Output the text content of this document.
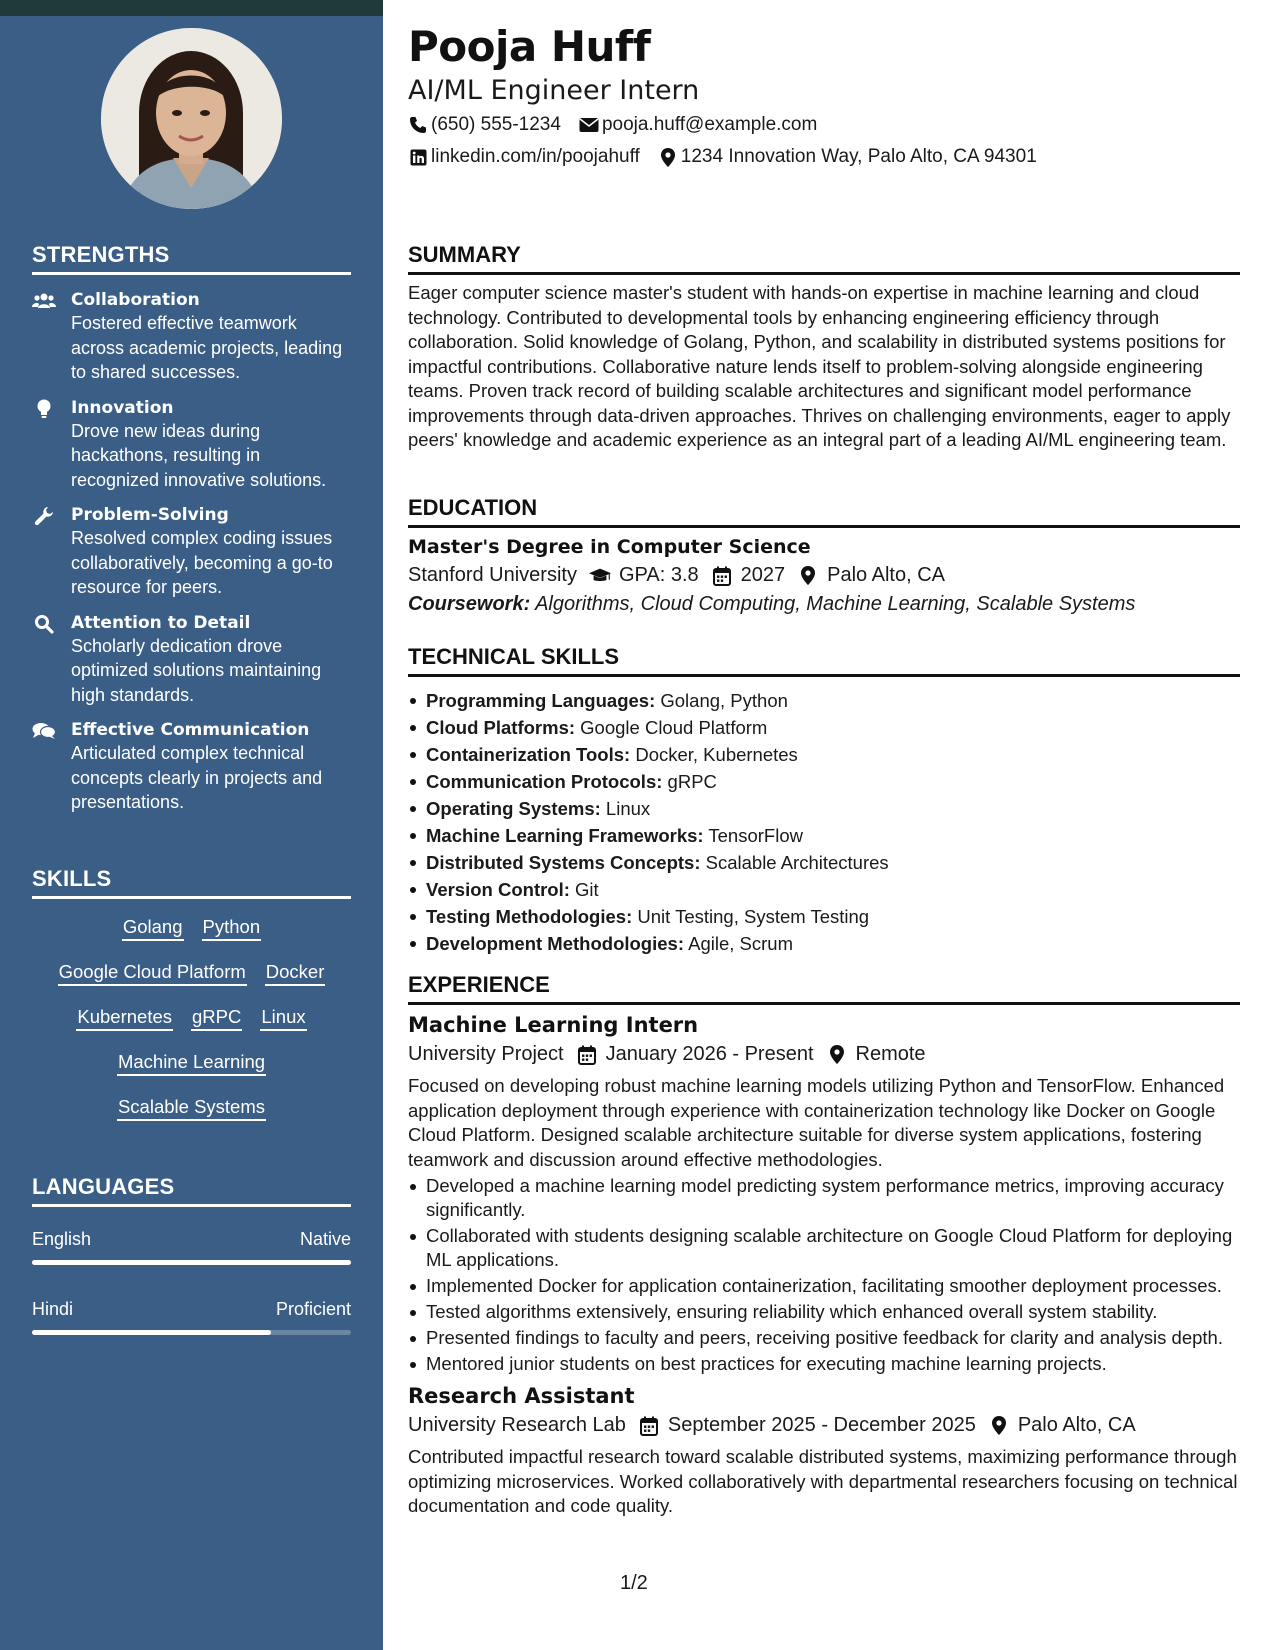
STRENGTHS
Collaboration
Fostered effective teamwork across academic projects, leading to shared successes.
Innovation
Drove new ideas during hackathons, resulting in recognized innovative solutions.
Problem-Solving
Resolved complex coding issues collaboratively, becoming a go-to resource for peers.
Attention to Detail
Scholarly dedication drove optimized solutions maintaining high standards.
Effective Communication
Articulated complex technical concepts clearly in projects and presentations.
SKILLS
Golang Python
Google Cloud Platform Docker
Kubernetes gRPC Linux
Machine Learning
Scalable Systems
LANGUAGES
English	Native
Hindi	Proficient
Pooja Huff
AI/ML Engineer Intern
(650) 555-1234 pooja.huff@example.com
linkedin.com/in/poojahuff 1234 Innovation Way, Palo Alto, CA 94301
SUMMARY
Eager computer science master's student with hands-on expertise in machine learning and cloud technology. Contributed to developmental tools by enhancing engineering efficiency through collaboration. Solid knowledge of Golang, Python, and scalability in distributed systems positions for impactful contributions. Collaborative nature lends itself to problem-solving alongside engineering teams. Proven track record of building scalable architectures and significant model performance improvements through data-driven approaches. Thrives on challenging environments, eager to apply peers' knowledge and academic experience as an integral part of a leading AI/ML engineering team.
EDUCATION
Master's Degree in Computer Science
Stanford University GPA: 3.8 2027 Palo Alto, CA
Coursework: Algorithms, Cloud Computing, Machine Learning, Scalable Systems
TECHNICAL SKILLS
Programming Languages: Golang, Python
Cloud Platforms: Google Cloud Platform
Containerization Tools: Docker, Kubernetes
Communication Protocols: gRPC
Operating Systems: Linux
Machine Learning Frameworks: TensorFlow
Distributed Systems Concepts: Scalable Architectures
Version Control: Git
Testing Methodologies: Unit Testing, System Testing
Development Methodologies: Agile, Scrum
EXPERIENCE
Machine Learning Intern
University Project January 2026 - Present Remote
Focused on developing robust machine learning models utilizing Python and TensorFlow. Enhanced application deployment through experience with containerization technology like Docker on Google Cloud Platform. Designed scalable architecture suitable for diverse system applications, fostering teamwork and discussion around effective methodologies.
Developed a machine learning model predicting system performance metrics, improving accuracy significantly.
Collaborated with students designing scalable architecture on Google Cloud Platform for deploying ML applications.
Implemented Docker for application containerization, facilitating smoother deployment processes.
Tested algorithms extensively, ensuring reliability which enhanced overall system stability.
Presented findings to faculty and peers, receiving positive feedback for clarity and analysis depth.
Mentored junior students on best practices for executing machine learning projects.
Research Assistant
University Research Lab September 2025 - December 2025 Palo Alto, CA
Contributed impactful research toward scalable distributed systems, maximizing performance through optimizing microservices. Worked collaboratively with departmental researchers focusing on technical documentation and code quality.
1/2
